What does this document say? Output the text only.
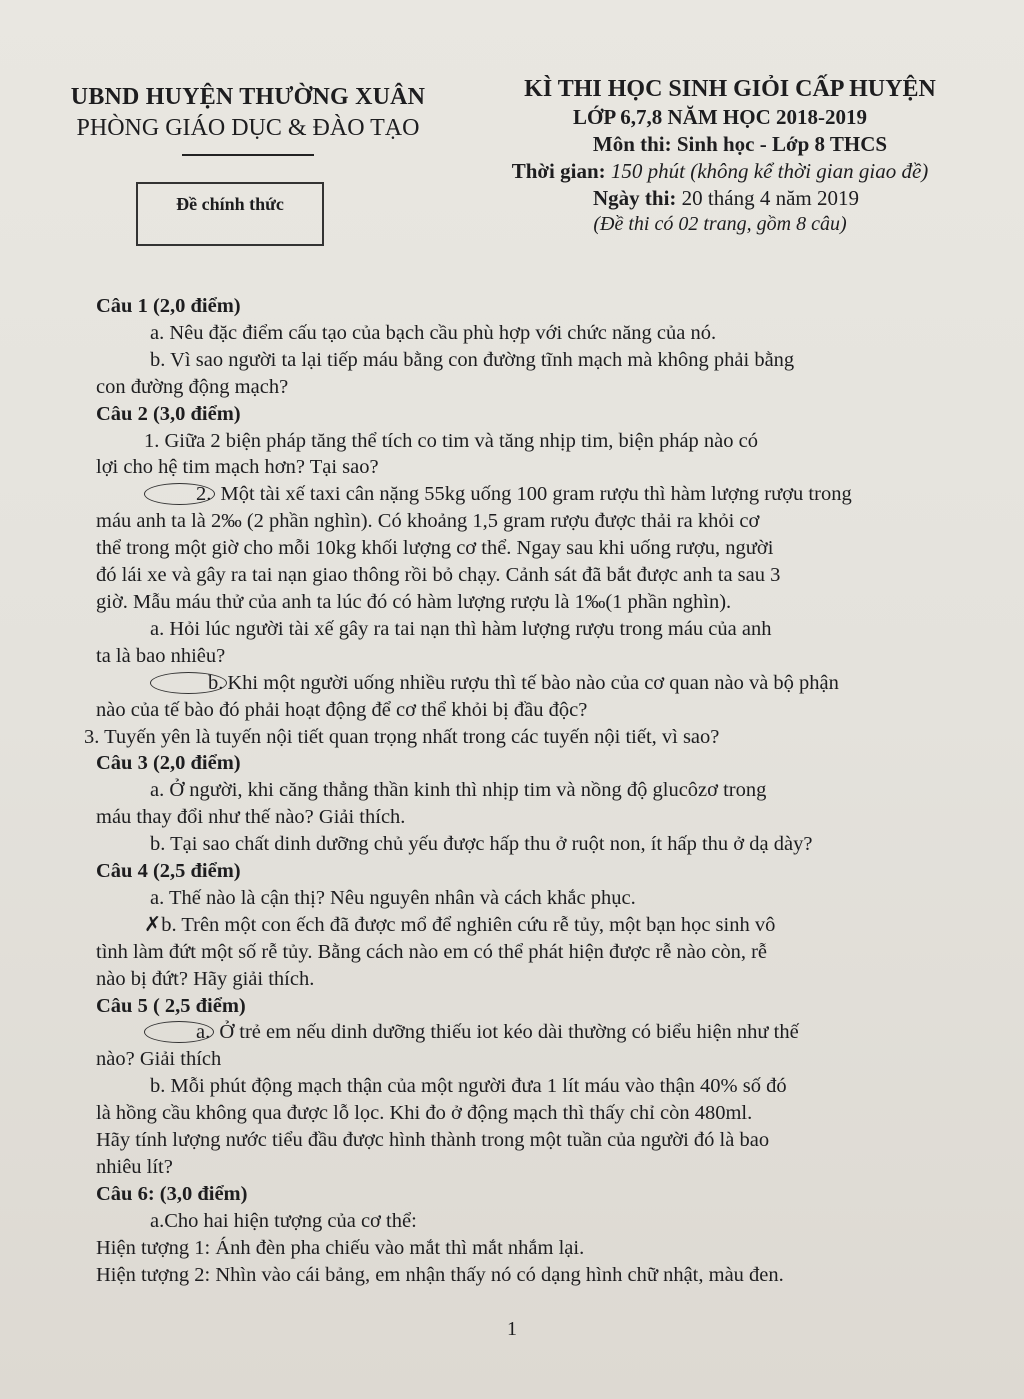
UBND HUYỆN THƯỜNG XUÂN
PHÒNG GIÁO DỤC & ĐÀO TẠO
Đề chính thức
KÌ THI HỌC SINH GIỎI CẤP HUYỆN
LỚP 6,7,8 NĂM HỌC 2018-2019
Môn thi: Sinh học - Lớp 8 THCS
Thời gian: 150 phút (không kể thời gian giao đề)
Ngày thi: 20 tháng 4 năm 2019
(Đề thi có 02 trang, gồm 8 câu)

Câu 1 (2,0 điểm)

a. Nêu đặc điểm cấu tạo của bạch cầu phù hợp với chức năng của nó.

b. Vì sao người ta lại tiếp máu bằng con đường tĩnh mạch mà không phải bằng

con đường động mạch?

Câu 2 (3,0 điểm)

1. Giữa 2 biện pháp tăng thể tích co tim và tăng nhịp tim, biện pháp nào có

lợi cho hệ tim mạch hơn? Tại sao?

2. Một tài xế taxi cân nặng 55kg uống 100 gram rượu thì hàm lượng rượu trong

máu anh ta là 2‰ (2 phần nghìn). Có khoảng 1,5 gram rượu được thải ra khỏi cơ

thể trong một giờ cho mỗi 10kg khối lượng cơ thể. Ngay sau khi uống rượu, người

đó lái xe và gây ra tai nạn giao thông rồi bỏ chạy. Cảnh sát đã bắt được anh ta sau 3

giờ. Mẫu máu thử của anh ta lúc đó có hàm lượng rượu là 1‰(1 phần nghìn).

a. Hỏi lúc người tài xế gây ra tai nạn thì hàm lượng rượu trong máu của anh

ta là bao nhiêu?

b. Khi một người uống nhiều rượu thì tế bào nào của cơ quan nào và bộ phận

nào của tế bào đó phải hoạt động để cơ thể khỏi bị đầu độc?

3. Tuyến yên là tuyến nội tiết quan trọng nhất trong các tuyến nội tiết, vì sao?

Câu 3 (2,0 điểm)

a. Ở người, khi căng thẳng thần kinh thì nhịp tim và nồng độ glucôzơ trong

máu thay đổi như thế nào? Giải thích.

b. Tại sao chất dinh dưỡng chủ yếu được hấp thu ở ruột non, ít hấp thu ở dạ dày?

Câu 4 (2,5 điểm)

a. Thế nào là cận thị? Nêu nguyên nhân và cách khắc phục.

✗b. Trên một con ếch đã được mổ để nghiên cứu rễ tủy, một bạn học sinh vô

tình làm đứt một số rễ tủy. Bằng cách nào em có thể phát hiện được rễ nào còn, rễ

nào bị đứt? Hãy giải thích.

Câu 5 ( 2,5 điểm)

a. Ở trẻ em nếu dinh dưỡng thiếu iot kéo dài thường có biểu hiện như thế

nào? Giải thích

b. Mỗi phút động mạch thận của một người đưa 1 lít máu vào thận 40% số đó

là hồng cầu không qua được lỗ lọc. Khi đo ở động mạch thì thấy chỉ còn 480ml.

Hãy tính lượng nước tiểu đầu được hình thành trong một tuần của người đó là bao

nhiêu lít?

Câu 6: (3,0 điểm)

a.Cho hai hiện tượng của cơ thể:

Hiện tượng 1: Ánh đèn pha chiếu vào mắt thì mắt nhắm lại.

Hiện tượng 2: Nhìn vào cái bảng, em nhận thấy nó có dạng hình chữ nhật, màu đen.

1
